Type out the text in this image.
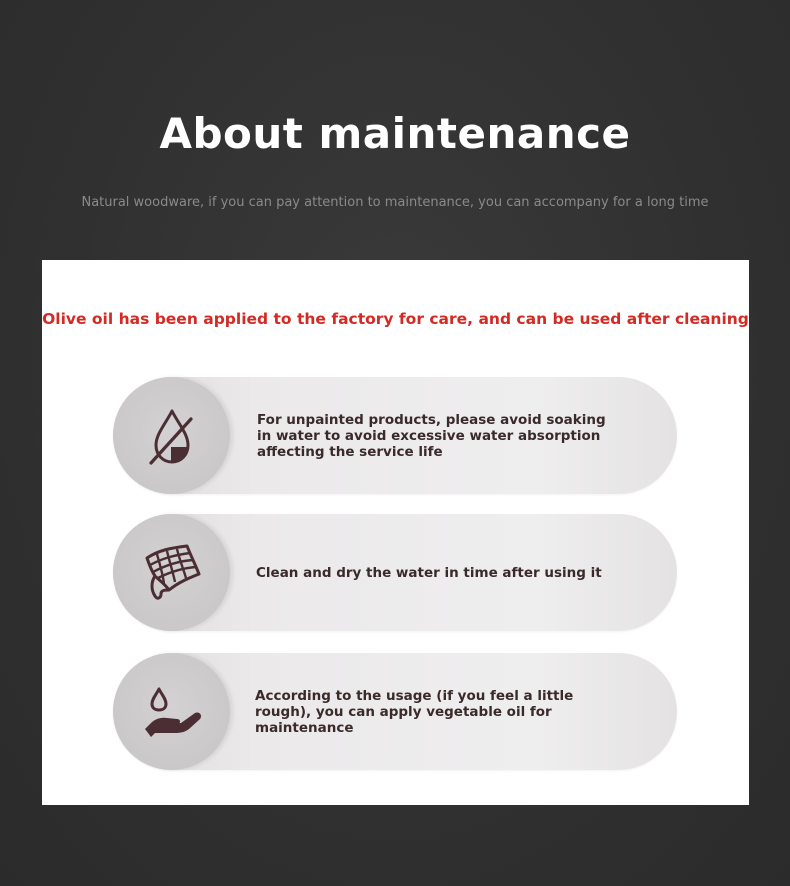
About maintenance
Natural woodware, if you can pay attention to maintenance, you can accompany for a long time
Olive oil has been applied to the factory for care, and can be used after cleaning
For unpainted products, please avoid soaking in water to avoid excessive water absorption affecting the service life
Clean and dry the water in time after using it
According to the usage (if you feel a little rough), you can apply vegetable oil for maintenance
